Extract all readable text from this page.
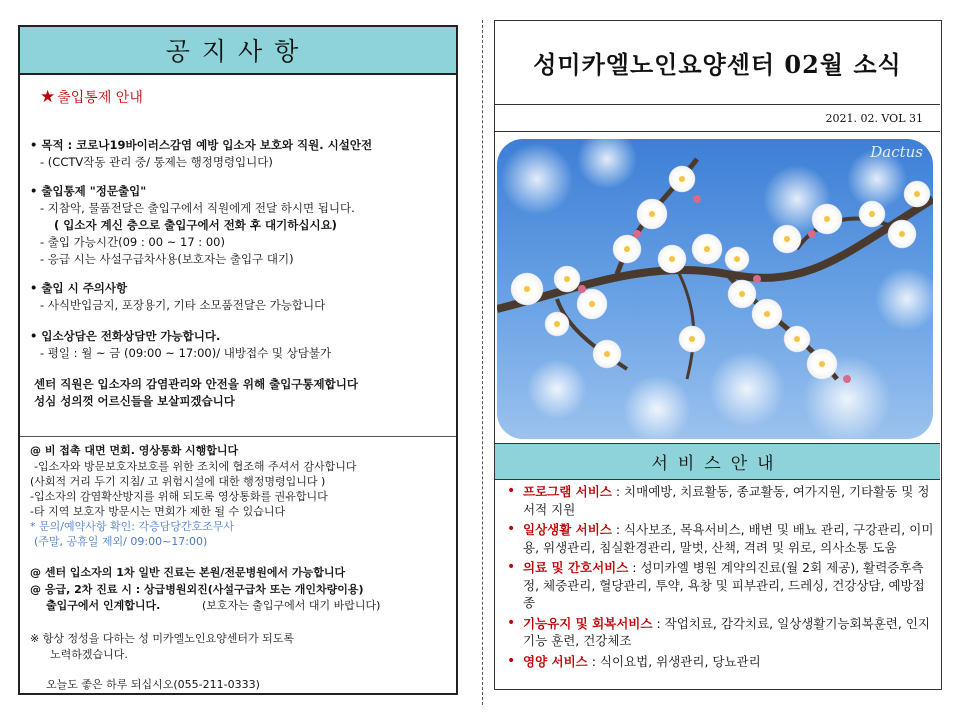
공지사항
★ 출입통제 안내
• 목적 : 코로나19바이러스감염 예방 입소자 보호와 직원. 시설안전
- (CCTV작동 관리 중/ 통제는 행정명령입니다)
• 출입통제 "정문출입"
- 지참악, 물품전달은 출입구에서 직원에게 전달 하시면 됩니다.
( 입소자 계신 층으로 출입구에서 전화 후 대기하십시요)
- 출입 가능시간(09 : 00 ~ 17 : 00)
- 응급 시는 사설구급차사용(보호자는 출입구 대기)
• 출입 시 주의사항
- 사식반입금지, 포장용기, 기타 소모품전달은 가능합니다
• 입소상담은 전화상담만 가능합니다.
- 평일 : 월 ~ 금 (09:00 ~ 17:00)/ 내방접수 및 상담불가
센터 직원은 입소자의 감염관리와 안전을 위해 출입구통제합니다
성심 성의껏 어르신들을 보살피겠습니다
@ 비 접촉 대면 면회. 영상통화 시행합니다
-입소자와 방문보호자보호를 위한 조치에 협조해 주셔서 감사합니다
(사회적 거리 두기 지침/ 고 위험시설에 대한 행정명령입니다 )
-입소자의 감염확산방지를 위해 되도록 영상통화를 권유합니다
-타 지역 보호자 방문시는 면회가 제한 될 수 있습니다
* 문의/예약사항 확인: 각층담당간호조무사
(주말, 공휴일 제외/ 09:00~17:00)
@ 센터 입소자의 1차 일반 진료는 본원/전문병원에서 가능합니다
@ 응급, 2차 진료 시 : 상급병원외진(사설구급차 또는 개인차량이용)
출입구에서 인계합니다.	(보호자는 출입구에서 대기 바랍니다)
※ 항상 정성을 다하는 성 미카엘노인요양센터가 되도록
노력하겠습니다.
오늘도 좋은 하루 되십시오(055-211-0333)
성미카엘노인요양센터 02월 소식
2021. 02. VOL 31
Dactus
서비스안내
• 프로그램 서비스 : 치매예방, 치료활동, 종교활동, 여가지원, 기타활동 및 정서적 지원
• 일상생활 서비스 : 식사보조, 목욕서비스, 배변 및 배뇨 관리, 구강관리, 이미용, 위생관리, 침실환경관리, 말벗, 산책, 격려 및 위로, 의사소통 도움
• 의료 및 간호서비스 : 성미카엘 병원 계약의진료(월 2회 제공), 활력증후측정, 체중관리, 혈당관리, 투약, 욕창 및 피부관리, 드레싱, 건강상담, 예방접종
• 기능유지 및 회복서비스 : 작업치료, 감각치료, 일상생활기능회복훈련, 인지 기능 훈련, 건강체조
• 영양 서비스 : 식이요법, 위생관리, 당뇨관리
